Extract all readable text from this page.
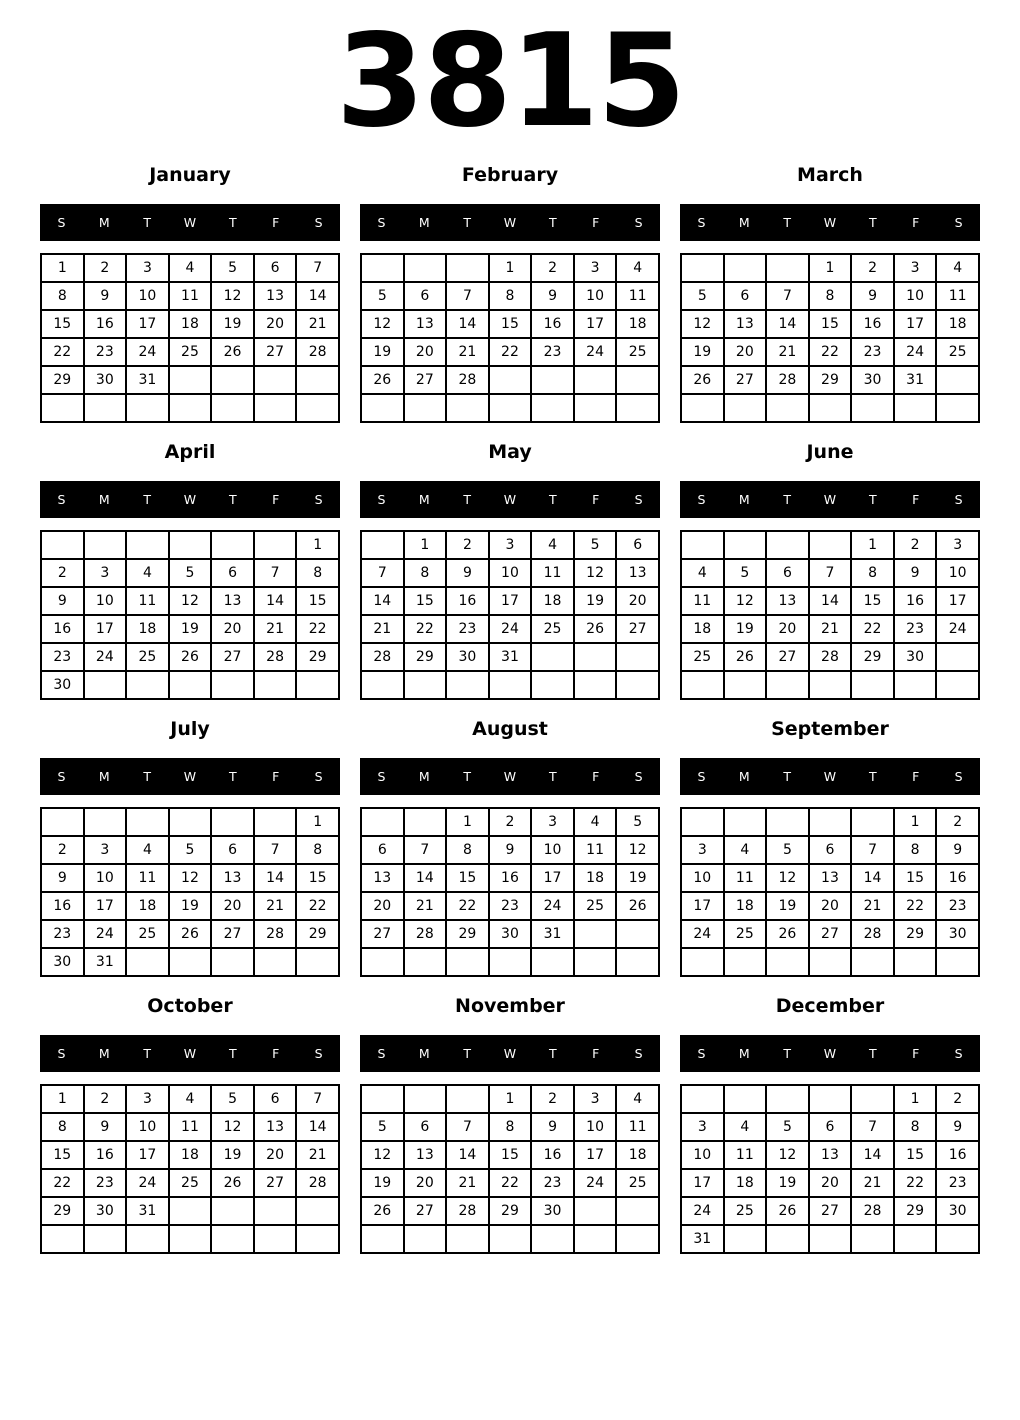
3815
January
S	M	T	W	T	F	S
1	2	3	4	5	6	7
8	9	10	11	12	13	14
15	16	17	18	19	20	21
22	23	24	25	26	27	28
29	30	31				

February
S	M	T	W	T	F	S
			1	2	3	4
5	6	7	8	9	10	11
12	13	14	15	16	17	18
19	20	21	22	23	24	25
26	27	28				

March
S	M	T	W	T	F	S
			1	2	3	4
5	6	7	8	9	10	11
12	13	14	15	16	17	18
19	20	21	22	23	24	25
26	27	28	29	30	31	

April
S	M	T	W	T	F	S
						1
2	3	4	5	6	7	8
9	10	11	12	13	14	15
16	17	18	19	20	21	22
23	24	25	26	27	28	29
30						
May
S	M	T	W	T	F	S
	1	2	3	4	5	6
7	8	9	10	11	12	13
14	15	16	17	18	19	20
21	22	23	24	25	26	27
28	29	30	31			

June
S	M	T	W	T	F	S
				1	2	3
4	5	6	7	8	9	10
11	12	13	14	15	16	17
18	19	20	21	22	23	24
25	26	27	28	29	30	

July
S	M	T	W	T	F	S
						1
2	3	4	5	6	7	8
9	10	11	12	13	14	15
16	17	18	19	20	21	22
23	24	25	26	27	28	29
30	31					
August
S	M	T	W	T	F	S
		1	2	3	4	5
6	7	8	9	10	11	12
13	14	15	16	17	18	19
20	21	22	23	24	25	26
27	28	29	30	31		

September
S	M	T	W	T	F	S
					1	2
3	4	5	6	7	8	9
10	11	12	13	14	15	16
17	18	19	20	21	22	23
24	25	26	27	28	29	30

October
S	M	T	W	T	F	S
1	2	3	4	5	6	7
8	9	10	11	12	13	14
15	16	17	18	19	20	21
22	23	24	25	26	27	28
29	30	31				

November
S	M	T	W	T	F	S
			1	2	3	4
5	6	7	8	9	10	11
12	13	14	15	16	17	18
19	20	21	22	23	24	25
26	27	28	29	30		

December
S	M	T	W	T	F	S
					1	2
3	4	5	6	7	8	9
10	11	12	13	14	15	16
17	18	19	20	21	22	23
24	25	26	27	28	29	30
31						
